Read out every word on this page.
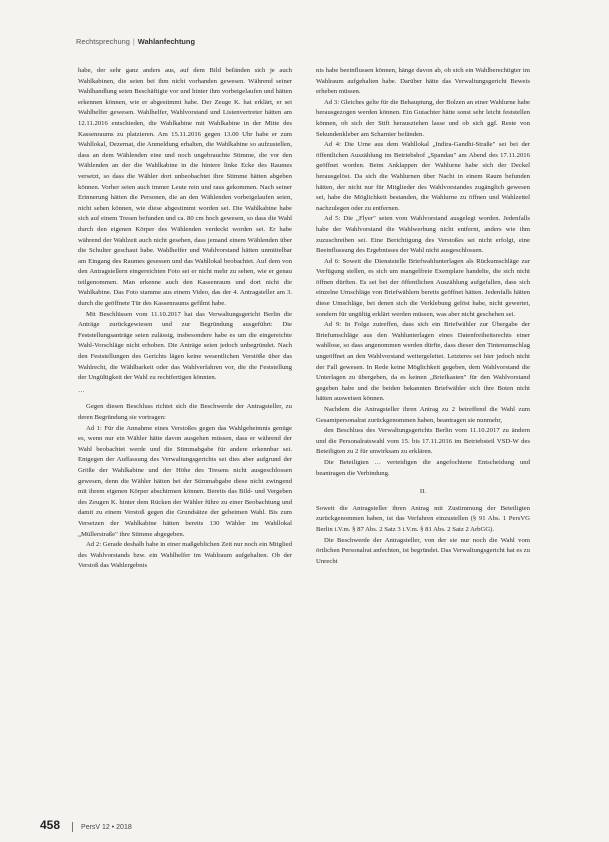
Rechtsprechung | Wahlanfechtung

habe, der sehr ganz anders aus, auf dem Bild befänden sich je auch Wahlkabinen, die seien bei ihm nicht vorhanden gewesen. Während seiner Wahlhandlung seien Beschäftigte vor und hinter ihm vorbeigelaufen und hätten erkennen können, wie er abgestimmt habe. Der Zeuge K. hat erklärt, er sei Wahlhelfer gewesen. Wahlhelfer, Wahlvorstand und Listenvertreter hätten am 12.11.2016 entschieden, die Wahlkabine mit Wahlkabine in der Mitte des Kassenraums zu platzieren. Am 15.11.2016 gegen 13.00 Uhr habe er zum Wahllokal, Dezernat, die Anmeldung erhalten, die Wahlkabine so aufzustellen, dass an dem Wählenden eine und noch ungebrauchte Stimme, die vor den Wählenden an der die Wahlkabine in die hintere linke Ecke des Raumes versetzt, so dass die Wähler dort unbeobachtet ihre Stimme hätten abgeben können. Vorher seien auch immer Leute rein und raus gekommen. Nach seiner Erinnerung hätten die Personen, die an den Wählenden vorbeigelaufen seien, nicht sehen können, wie diese abgestimmt worden sei. Die Wahlkabine habe sich auf einem Tresen befunden und ca. 80 cm hoch gewesen, so dass die Wahl durch den eigenen Körper des Wählenden verdeckt worden sei. Er habe während der Wahlzeit auch nicht gesehen, dass jemand einem Wählenden über die Schulter geschaut habe. Wahlhelfer und Wahlvorstand hätten unmittelbar am Eingang des Raumes gesessen und das Wahllokal beobachtet. Auf dem von den Antragstellern eingereichten Foto sei er nicht mehr zu sehen, wie er genau teilgenommen. Man erkenne auch den Kassenraum und dort nicht die Wahlkabine. Das Foto stamme aus einem Video, das der 4. Antragsteller am 3. durch die geöffnete Tür des Kassenraums gefilmt habe.

Mit Beschlüssen vom 11.10.2017 hat das Verwaltungsgericht Berlin die Anträge zurückgewiesen und zur Begründung ausgeführt: Die Feststellungsanträge seien zulässig, insbesondere habe es um die eingereichte Wahl-Vorschläge nicht erhoben. Die Anträge seien jedoch unbegründet. Nach den Feststellungen des Gerichts lägen keine wesentlichen Verstöße über das Wahlrecht, die Wählbarkeit oder das Wahlverfahren vor, die die Feststellung der Ungültigkeit der Wahl zu rechtfertigen könnten.

…

Gegen diesen Beschluss richtet sich die Beschwerde der Antragsteller, zu deren Begründung sie vortragen:

Ad 1: Für die Annahme eines Verstoßes gegen das Wahlgeheimnis genüge es, wenn nur ein Wähler hätte davon ausgehen müssen, dass er während der Wahl beobachtet werde und die Stimmabgabe für andere erkennbar sei. Entgegen der Auffassung des Verwaltungsgerichts sei dies aber aufgrund der Größe der Wahlkabine und der Höhe des Tresens nicht ausgeschlossen gewesen, denn die Wähler hätten bei der Stimmabgabe diese nicht zwingend mit ihrem eigenen Körper abschirmen können. Bereits das Bild- und Vergeben des Zeugen K. hinter dem Rücken der Wähler führe zu einer Beobachtung und damit zu einem Verstoß gegen die Grundsätze der geheimen Wahl. Bis zum Versetzen der Wahlkabine hätten bereits 130 Wähler im Wahllokal „Müllerstraße" ihre Stimme abgegeben.

Ad 2: Gerade deshalb habe in einer maßgeblichen Zeit nur noch ein Mitglied des Wahlvorstands bzw. ein Wahlhelfer im Wahlraum aufgehalten. Ob der Verstoß das Wahlergebnis

nis habe beeinflussen können, hänge davon ab, ob sich ein Wahlberechtigter im Wahlraum aufgehalten habe. Darüber hätte das Verwaltungsgericht Beweis erheben müssen.

Ad 3: Gleiches gelte für die Behauptung, der Bolzen an einer Wahlurne habe herausgezogen werden können. Ein Gutachter hätte sonst sehr leicht feststellen können, ob sich der Stift herausziehen lasse und ob sich ggf. Reste von Sekundenkleber am Scharnier befänden.

Ad 4: Die Urne aus dem Wahllokal „Indira-Gandhi-Straße" sei bei der öffentlichen Auszählung im Betriebshof „Spandau" am Abend des 17.11.2016 geöffnet worden. Beim Anklappen der Wahlurne habe sich der Deckel herausgelöst. Da sich die Wahlurnen über Nacht in einem Raum befunden hätten, der nicht nur für Mitglieder des Wahlvorstandes zugänglich gewesen sei, habe die Möglichkeit bestanden, die Wahlurne zu öffnen und Wahlzettel nachzulegen oder zu entfernen.

Ad 5: Die „Flyer" seien vom Wahlvorstand ausgelegt worden. Jedenfalls habe der Wahlvorstand die Wahlwerbung nicht entfernt, anders wie ihm zuzuschreiben sei. Eine Berichtigung des Verstoßes sei nicht erfolgt, eine Beeinflussung des Ergebnisses der Wahl nicht ausgeschlossen.

Ad 6: Soweit die Dienststelle Briefwahlunterlagen als Rückumschläge zur Verfügung stellen, es sich um mangelfreie Exemplare handelte, die sich nicht öffnen dürften. Es sei bei der öffentlichen Auszählung aufgefallen, dass sich einzelne Umschläge von Briefwählern bereits geöffnet hätten. Jedenfalls hätten diese Umschläge, bei denen sich die Verklebung gelöst habe, nicht gewertet, sondern für ungültig erklärt werden müssen, was aber nicht geschehen sei.

Ad 9: In Folge zutreffen, dass sich ein Briefwähler zur Übergabe der Briefumschläge aus den Wahlunterlagen eines Datenfreiheitsrechts einer wahllose, so dass angenommen werden dürfte, dass dieser den Tintenumschlag ungeöffnet an den Wahlvorstand weitergeleitet. Letzteres sei hier jedoch nicht der Fall gewesen. In Rede keine Möglichkeit gegeben, dem Wahlvorstand die Unterlagen zu übergeben, da es keinen „Briefkasten" für den Wahlvorstand gegeben habe und die beiden bekannten Briefwähler sich ihre Boten nicht hätten ausweisen können.

Nachdem die Antragsteller ihren Antrag zu 2 betreffend die Wahl zum Gesamtpersonalrat zurückgenommen haben, beantragen sie nunmehr,

den Beschluss des Verwaltungsgerichts Berlin vom 11.10.2017 zu ändern und die Personalratswahl vom 15. bis 17.11.2016 im Betriebsteil VSD-W des Beteiligten zu 2 für unwirksam zu erklären.

Die Beteiligten … verteidigen die angefochtene Entscheidung und beantragen die Verbindung.

II.

Soweit die Antragsteller ihren Antrag mit Zustimmung der Beteiligten zurückgenommen haben, ist das Verfahren einzustellen (§ 91 Abs. 1 PersVG Berlin i.V.m. § 87 Abs. 2 Satz 3 i.V.m. § 81 Abs. 2 Satz 2 ArbGG).

Die Beschwerde der Antragsteller, von der sie nur noch die Wahl vom örtlichen Personalrat anfechten, ist begründet. Das Verwaltungsgericht hat es zu Unrecht

458	PersV 12 • 2018
